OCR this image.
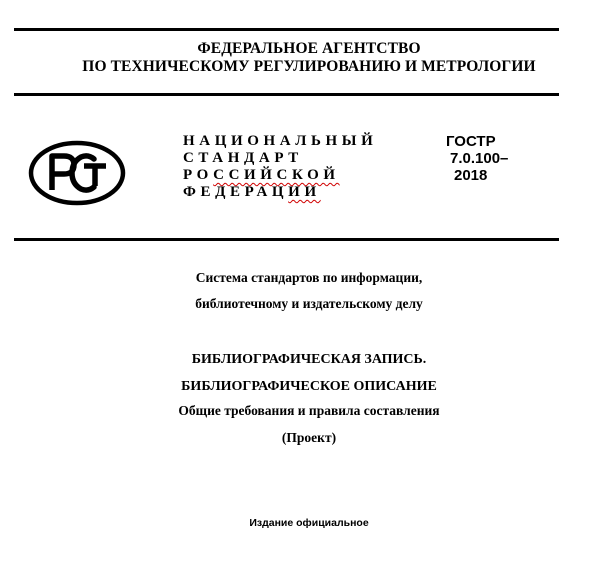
ФЕДЕРАЛЬНОЕ АГЕНТСТВО
ПО ТЕХНИЧЕСКОМУ РЕГУЛИРОВАНИЮ И МЕТРОЛОГИИ
РСТ	НАЦИОНАЛЬНЫЙ
СТАНДАРТ
РОССИЙСКОЙ
ФЕДЕРАЦИИ
ГОСТР
7.0.100–
2018
Система стандартов по информации,
библиотечному и издательскому делу
БИБЛИОГРАФИЧЕСКАЯ ЗАПИСЬ.
БИБЛИОГРАФИЧЕСКОЕ ОПИСАНИЕ
Общие требования и правила составления
(Проект)
Издание официальное
